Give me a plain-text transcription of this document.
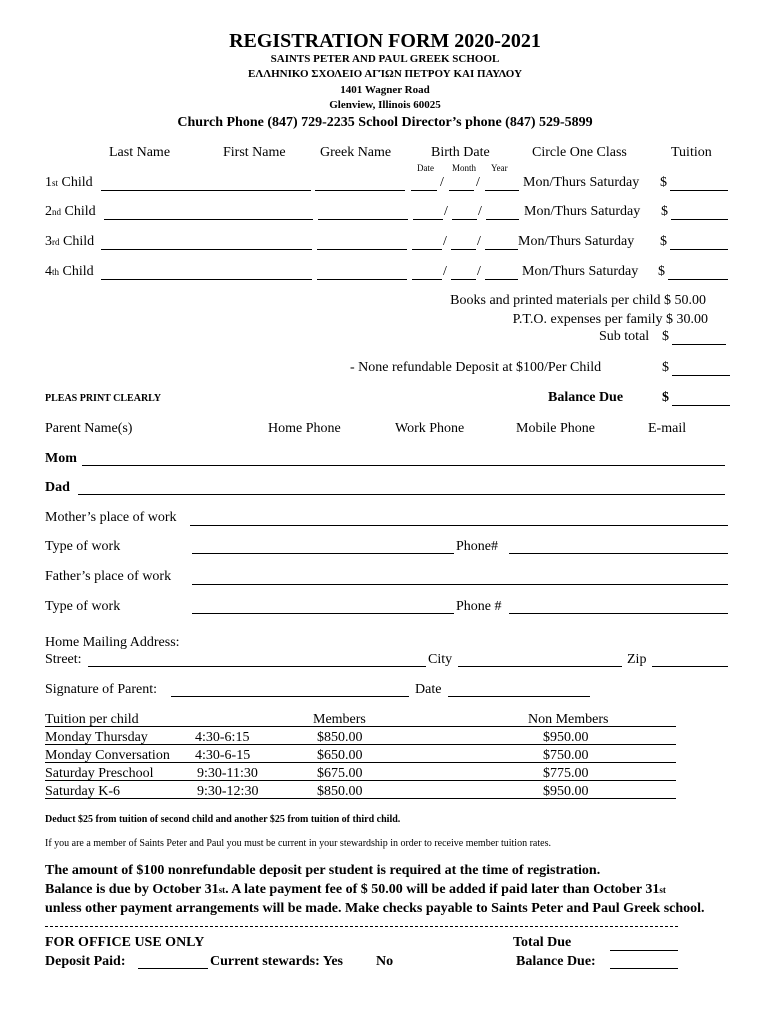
REGISTRATION FORM 2020-2021
SAINTS PETER AND PAUL GREEK SCHOOL
ΕΛΛΗΝΙΚΟ ΣΧΟΛΕΙΟ ΑΓΊΩΝ ΠΕΤΡΟΥ ΚΑΙ ΠΑΥΛΟΥ
1401 Wagner Road
Glenview, Illinois 60025
Church Phone (847) 729-2235 School Director’s phone (847) 529-5899
Last Name	First Name Greek Name	Birth Date
Date Month Year
Circle One Class	Tuition
1st Child	/ /	Mon/Thurs Saturday $
2nd Child	/ /	Mon/Thurs Saturday $
3rd Child	/ /	Mon/Thurs Saturday $
4th Child	/ /	Mon/Thurs Saturday $
Books and printed materials per child $ 50.00
P.T.O. expenses per family $ 30.00
Sub total $
- None refundable Deposit at $100/Per Child	$
PLEAS PRINT CLEARLY	Balance Due	$
Parent Name(s)	Home Phone	Work Phone	Mobile Phone	E-mail
Mom
Dad
Mother’s place of work
Type of work	Phone#
Father’s place of work
Type of work	Phone #
Home Mailing Address:
Street:	City	Zip
Signature of Parent:	Date
Tuition per child	Members	Non Members
Monday Thursday	4:30-6:15	$850.00	$950.00
Monday Conversation 4:30-6-15	$650.00	$750.00
Saturday Preschool	9:30-11:30	$675.00	$775.00
Saturday K-6	9:30-12:30	$850.00	$950.00
Deduct $25 from tuition of second child and another $25 from tuition of third child.
If you are a member of Saints Peter and Paul you must be current in your stewardship in order to receive member tuition rates.
The amount of $100 nonrefundable deposit per student is required at the time of registration.
Balance is due by October 31st. A late payment fee of $ 50.00 will be added if paid later than October 31st
unless other payment arrangements will be made. Make checks payable to Saints Peter and Paul Greek school.
FOR OFFICE USE ONLY	Total Due
Deposit Paid:	Current stewards: Yes No	Balance Due:
